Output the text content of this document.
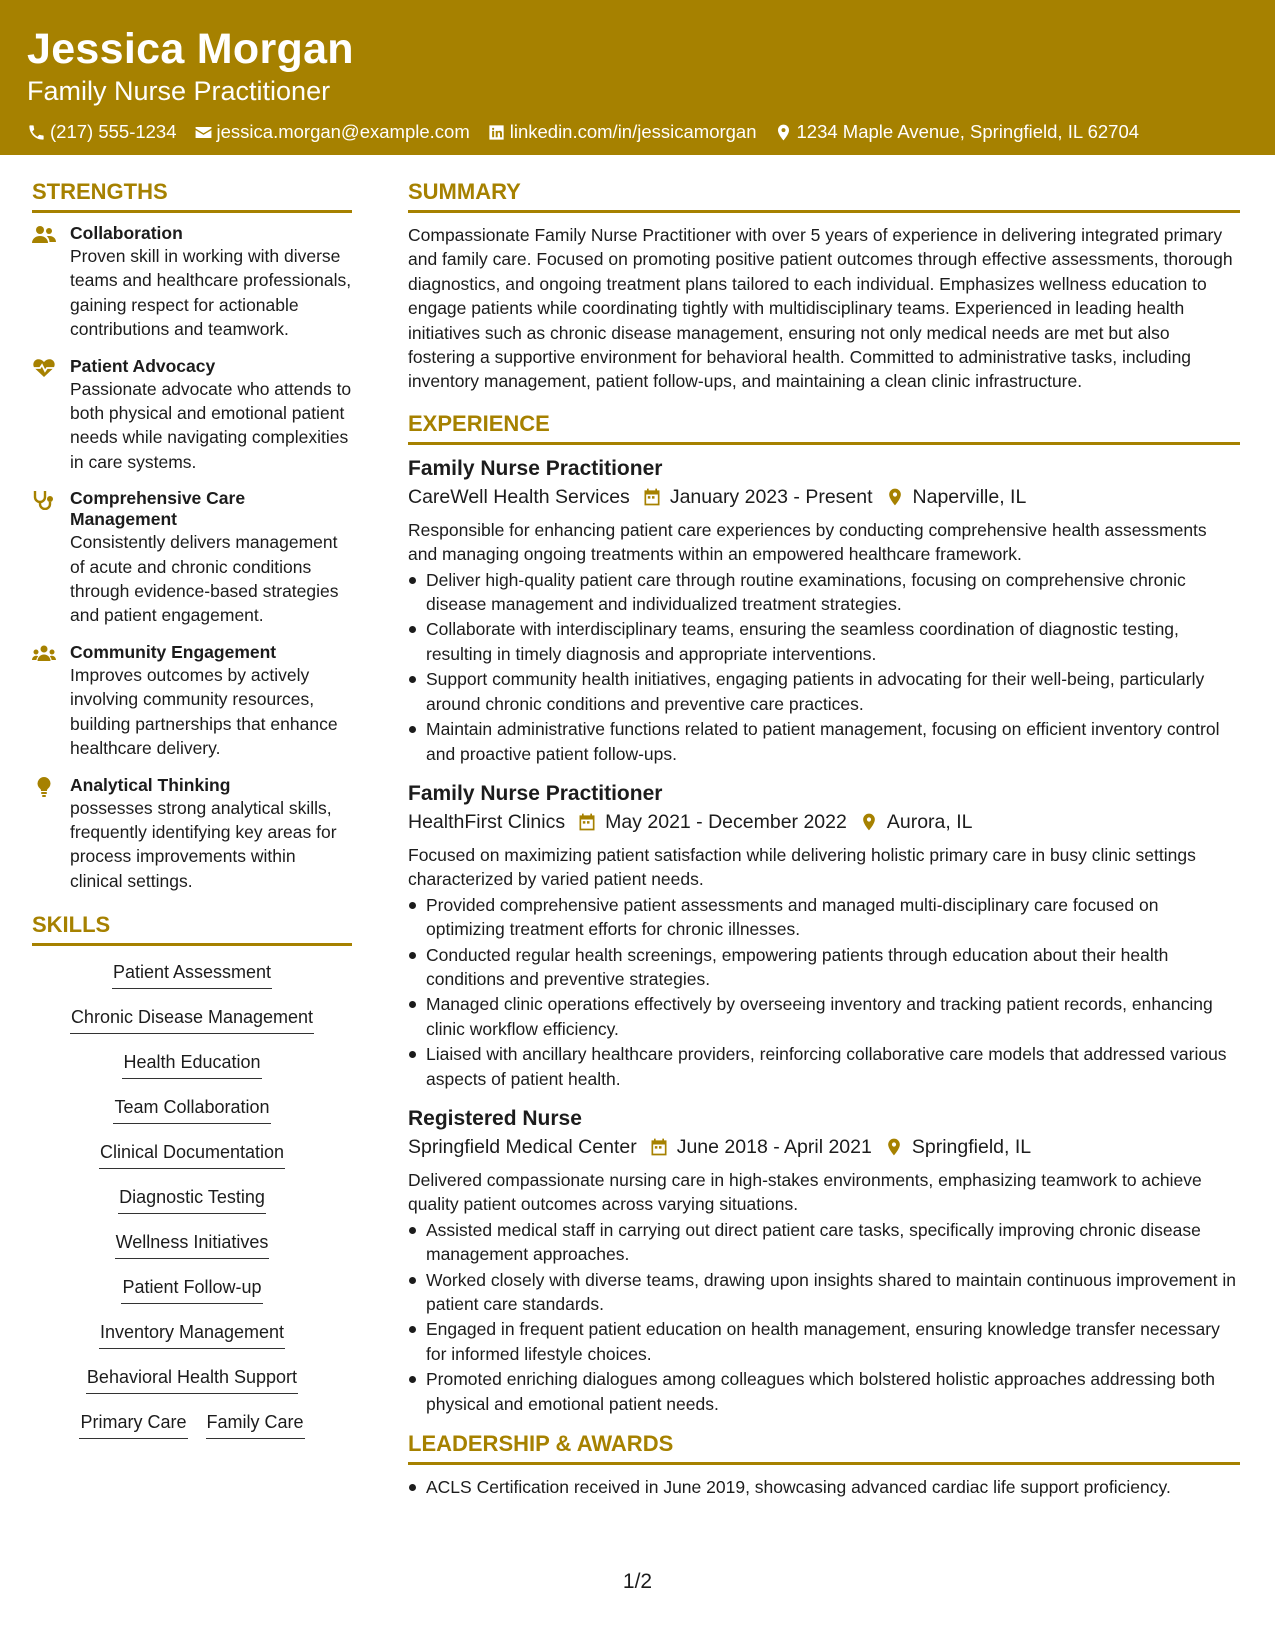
Jessica Morgan
Family Nurse Practitioner
(217) 555-1234 jessica.morgan@example.com linkedin.com/in/jessicamorgan 1234 Maple Avenue, Springfield, IL 62704
STRENGTHS
Collaboration
Proven skill in working with diverse teams and healthcare professionals, gaining respect for actionable contributions and teamwork.
Patient Advocacy
Passionate advocate who attends to both physical and emotional patient needs while navigating complexities in care systems.
Comprehensive Care Management
Consistently delivers management of acute and chronic conditions through evidence-based strategies and patient engagement.
Community Engagement
Improves outcomes by actively involving community resources, building partnerships that enhance healthcare delivery.
Analytical Thinking
possesses strong analytical skills, frequently identifying key areas for process improvements within clinical settings.
SKILLS
Patient Assessment
Chronic Disease Management
Health Education
Team Collaboration
Clinical Documentation
Diagnostic Testing
Wellness Initiatives
Patient Follow-up
Inventory Management
Behavioral Health Support
Primary Care Family Care
SUMMARY
Compassionate Family Nurse Practitioner with over 5 years of experience in delivering integrated primary and family care. Focused on promoting positive patient outcomes through effective assessments, thorough diagnostics, and ongoing treatment plans tailored to each individual. Emphasizes wellness education to engage patients while coordinating tightly with multidisciplinary teams. Experienced in leading health initiatives such as chronic disease management, ensuring not only medical needs are met but also fostering a supportive environment for behavioral health. Committed to administrative tasks, including inventory management, patient follow-ups, and maintaining a clean clinic infrastructure.
EXPERIENCE
Family Nurse Practitioner
CareWell Health Services January 2023 - Present Naperville, IL
Responsible for enhancing patient care experiences by conducting comprehensive health assessments and managing ongoing treatments within an empowered healthcare framework.
Deliver high-quality patient care through routine examinations, focusing on comprehensive chronic disease management and individualized treatment strategies.
Collaborate with interdisciplinary teams, ensuring the seamless coordination of diagnostic testing, resulting in timely diagnosis and appropriate interventions.
Support community health initiatives, engaging patients in advocating for their well-being, particularly around chronic conditions and preventive care practices.
Maintain administrative functions related to patient management, focusing on efficient inventory control and proactive patient follow-ups.
Family Nurse Practitioner
HealthFirst Clinics May 2021 - December 2022 Aurora, IL
Focused on maximizing patient satisfaction while delivering holistic primary care in busy clinic settings characterized by varied patient needs.
Provided comprehensive patient assessments and managed multi-disciplinary care focused on optimizing treatment efforts for chronic illnesses.
Conducted regular health screenings, empowering patients through education about their health conditions and preventive strategies.
Managed clinic operations effectively by overseeing inventory and tracking patient records, enhancing clinic workflow efficiency.
Liaised with ancillary healthcare providers, reinforcing collaborative care models that addressed various aspects of patient health.
Registered Nurse
Springfield Medical Center June 2018 - April 2021 Springfield, IL
Delivered compassionate nursing care in high-stakes environments, emphasizing teamwork to achieve quality patient outcomes across varying situations.
Assisted medical staff in carrying out direct patient care tasks, specifically improving chronic disease management approaches.
Worked closely with diverse teams, drawing upon insights shared to maintain continuous improvement in patient care standards.
Engaged in frequent patient education on health management, ensuring knowledge transfer necessary for informed lifestyle choices.
Promoted enriching dialogues among colleagues which bolstered holistic approaches addressing both physical and emotional patient needs.
LEADERSHIP & AWARDS
ACLS Certification received in June 2019, showcasing advanced cardiac life support proficiency.
1/2
